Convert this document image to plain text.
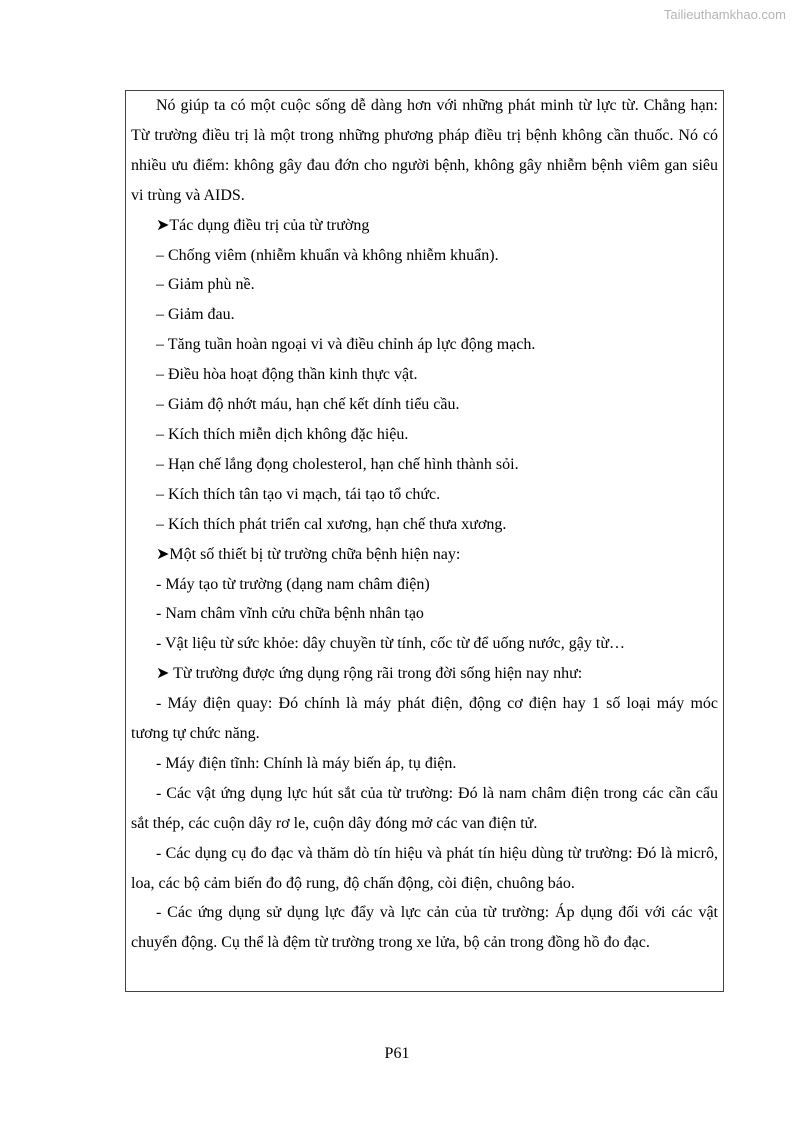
Tailieuthamkhao.com

Nó giúp ta có một cuộc sống dễ dàng hơn với những phát minh từ lực từ. Chẳng hạn: Từ trường điều trị là một trong những phương pháp điều trị bệnh không cần thuốc. Nó có nhiều ưu điểm: không gây đau đớn cho người bệnh, không gây nhiễm bệnh viêm gan siêu vi trùng và AIDS.

➤Tác dụng điều trị của từ trường

– Chống viêm (nhiễm khuẩn và không nhiễm khuẩn).

– Giảm phù nề.

– Giảm đau.

– Tăng tuần hoàn ngoại vi và điều chỉnh áp lực động mạch.

– Điều hòa hoạt động thần kinh thực vật.

– Giảm độ nhớt máu, hạn chế kết dính tiểu cầu.

– Kích thích miễn dịch không đặc hiệu.

– Hạn chế lắng đọng cholesterol, hạn chế hình thành sỏi.

– Kích thích tân tạo vi mạch, tái tạo tổ chức.

– Kích thích phát triển cal xương, hạn chế thưa xương.

➤Một số thiết bị từ trường chữa bệnh hiện nay:

- Máy tạo từ trường (dạng nam châm điện)

- Nam châm vĩnh cửu chữa bệnh nhân tạo

- Vật liệu từ sức khỏe: dây chuyền từ tính, cốc từ để uống nước, gậy từ…

➤ Từ trường được ứng dụng rộng rãi trong đời sống hiện nay như:

- Máy điện quay: Đó chính là máy phát điện, động cơ điện hay 1 số loại máy móc tương tự chức năng.

- Máy điện tĩnh: Chính là máy biến áp, tụ điện.

- Các vật ứng dụng lực hút sắt của từ trường: Đó là nam châm điện trong các cần cẩu sắt thép, các cuộn dây rơ le, cuộn dây đóng mở các van điện tử.

- Các dụng cụ đo đạc và thăm dò tín hiệu và phát tín hiệu dùng từ trường: Đó là micrô, loa, các bộ cảm biến đo độ rung, độ chấn động, còi điện, chuông báo.

- Các ứng dụng sử dụng lực đẩy và lực cản của từ trường: Áp dụng đối với các vật chuyển động. Cụ thể là đệm từ trường trong xe lửa, bộ cản trong đồng hồ đo đạc.

P61
